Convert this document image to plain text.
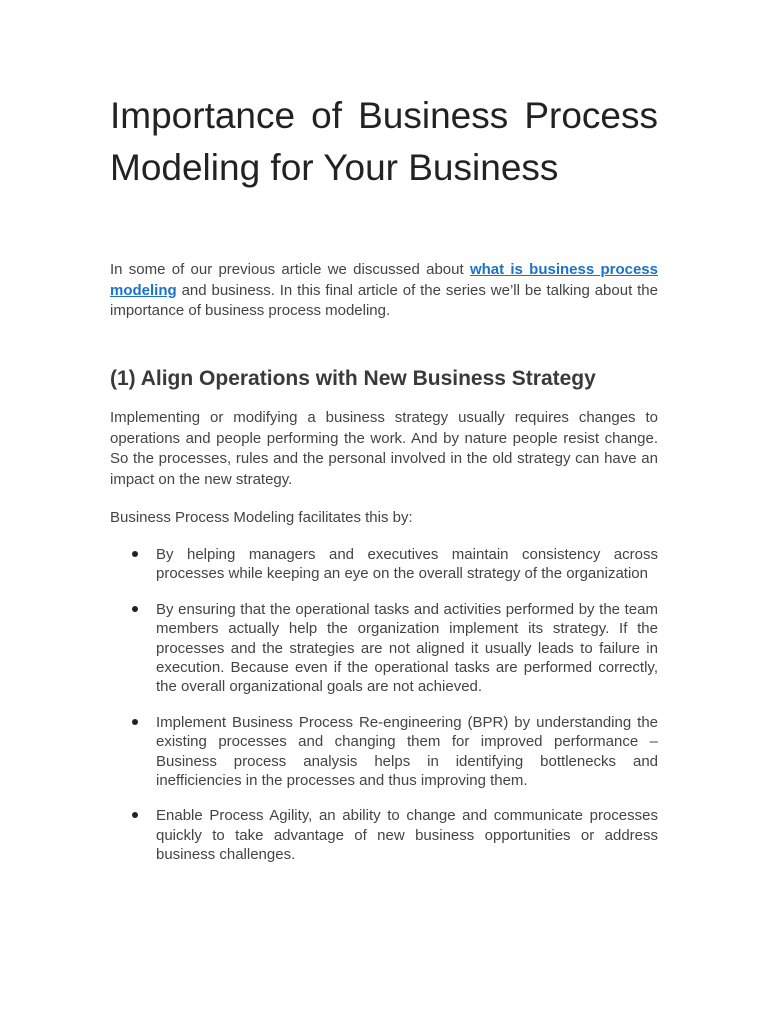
Importance of Business Process Modeling for Your Business

In some of our previous article we discussed about what is business process modeling and business. In this final article of the series we’ll be talking about the importance of business process modeling.

(1) Align Operations with New Business Strategy

Implementing or modifying a business strategy usually requires changes to operations and people performing the work. And by nature people resist change. So the processes, rules and the personal involved in the old strategy can have an impact on the new strategy.

Business Process Modeling facilitates this by:

By helping managers and executives maintain consistency across processes while keeping an eye on the overall strategy of the organization
By ensuring that the operational tasks and activities performed by the team members actually help the organization implement its strategy. If the processes and the strategies are not aligned it usually leads to failure in execution. Because even if the operational tasks are performed correctly, the overall organizational goals are not achieved.
Implement Business Process Re-engineering (BPR) by understanding the existing processes and changing them for improved performance – Business process analysis helps in identifying bottlenecks and inefficiencies in the processes and thus improving them.
Enable Process Agility, an ability to change and communicate processes quickly to take advantage of new business opportunities or address business challenges.
